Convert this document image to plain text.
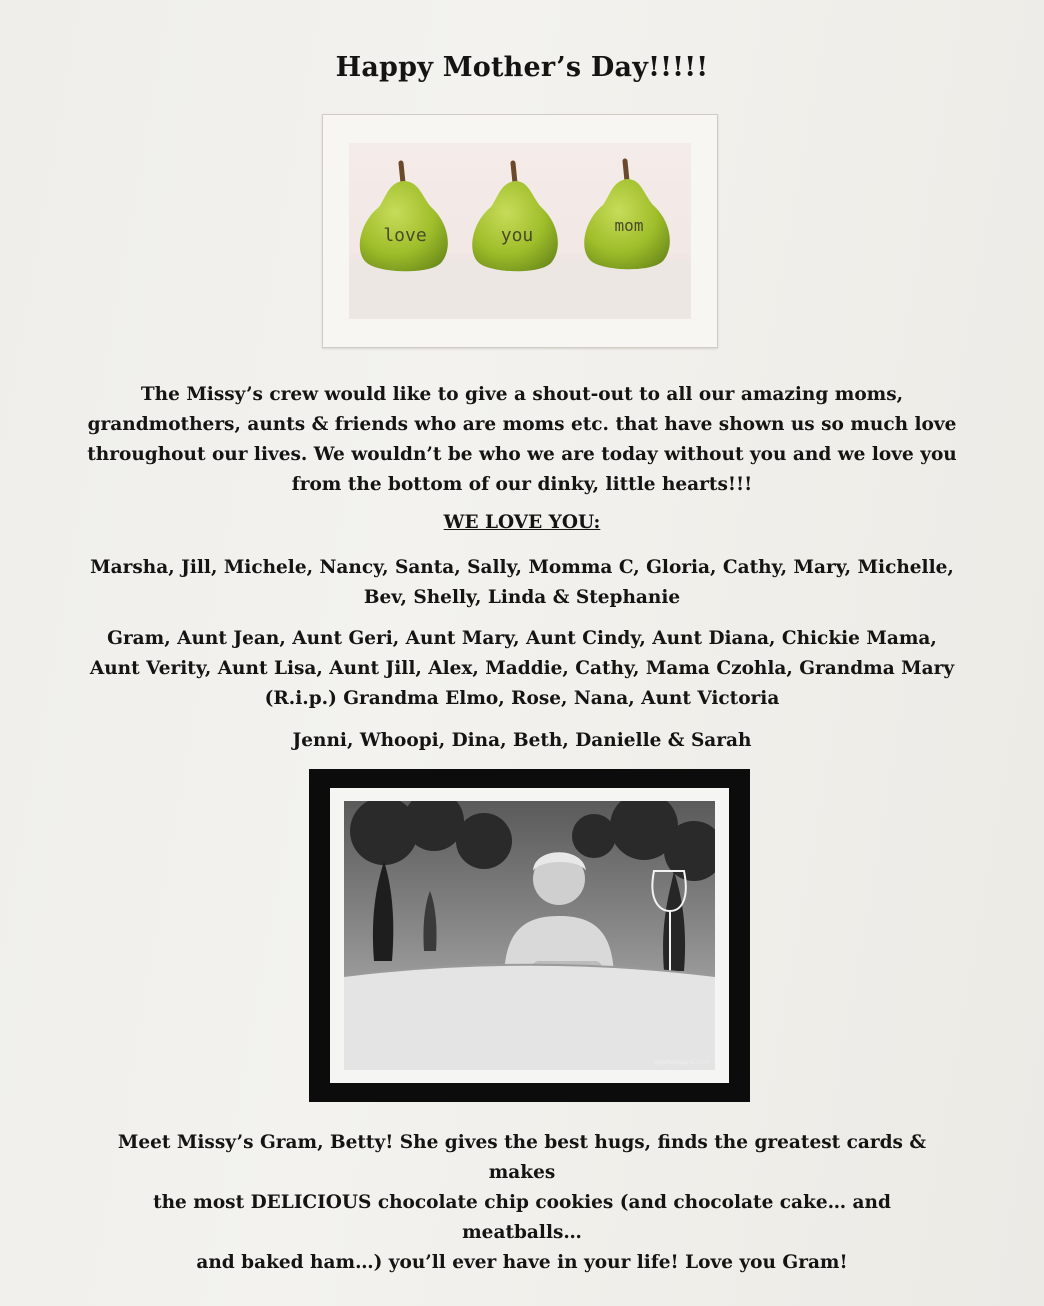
Happy Mother’s Day!!!!!
love	you	mom
The Missy’s crew would like to give a shout-out to all our amazing moms,
grandmothers, aunts & friends who are moms etc. that have shown us so much love
throughout our lives. We wouldn’t be who we are today without you and we love you
from the bottom of our dinky, little hearts!!!
WE LOVE YOU:
Marsha, Jill, Michele, Nancy, Santa, Sally, Momma C, Gloria, Cathy, Mary, Michelle,
Bev, Shelly, Linda & Stephanie
Gram, Aunt Jean, Aunt Geri, Aunt Mary, Aunt Cindy, Aunt Diana, Chickie Mama,
Aunt Verity, Aunt Lisa, Aunt Jill, Alex, Maddie, Cathy, Mama Czohla, Grandma Mary
(R.i.p.) Grandma Elmo, Rose, Nana, Aunt Victoria
Jenni, Whoopi, Dina, Beth, Danielle & Sarah
stephengavel.com
Meet Missy’s Gram, Betty! She gives the best hugs, finds the greatest cards & makes
the most DELICIOUS chocolate chip cookies (and chocolate cake… and meatballs…
and baked ham…) you’ll ever have in your life! Love you Gram!
